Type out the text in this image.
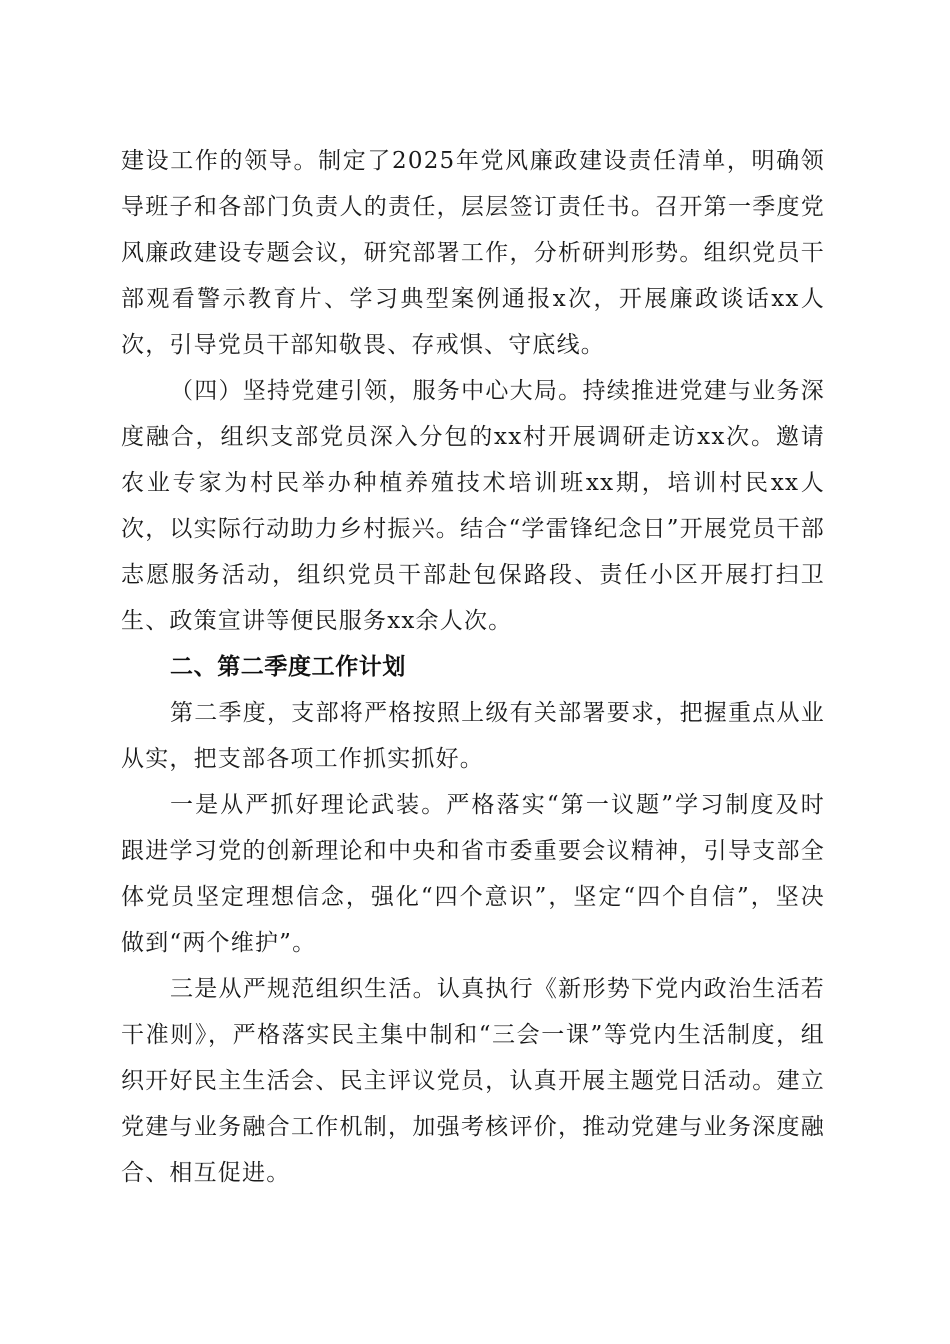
建设工作的领导。制定了2025年党风廉政建设责任清单，明确领导班子和各部门负责人的责任，层层签订责任书。召开第一季度党风廉政建设专题会议，研究部署工作，分析研判形势。组织党员干部观看警示教育片、学习典型案例通报x次，开展廉政谈话xx人次，引导党员干部知敬畏、存戒惧、守底线。

（四）坚持党建引领，服务中心大局。持续推进党建与业务深度融合，组织支部党员深入分包的xx村开展调研走访xx次。邀请农业专家为村民举办种植养殖技术培训班xx期，培训村民xx人次，以实际行动助力乡村振兴。结合“学雷锋纪念日”开展党员干部志愿服务活动，组织党员干部赴包保路段、责任小区开展打扫卫生、政策宣讲等便民服务xx余人次。

二、第二季度工作计划

第二季度，支部将严格按照上级有关部署要求，把握重点从业从实，把支部各项工作抓实抓好。

一是从严抓好理论武装。严格落实“第一议题”学习制度及时跟进学习党的创新理论和中央和省市委重要会议精神，引导支部全体党员坚定理想信念，强化“四个意识”，坚定“四个自信”，坚决做到“两个维护”。

三是从严规范组织生活。认真执行《新形势下党内政治生活若干准则》，严格落实民主集中制和“三会一课”等党内生活制度，组织开好民主生活会、民主评议党员，认真开展主题党日活动。建立党建与业务融合工作机制，加强考核评价，推动党建与业务深度融合、相互促进。
